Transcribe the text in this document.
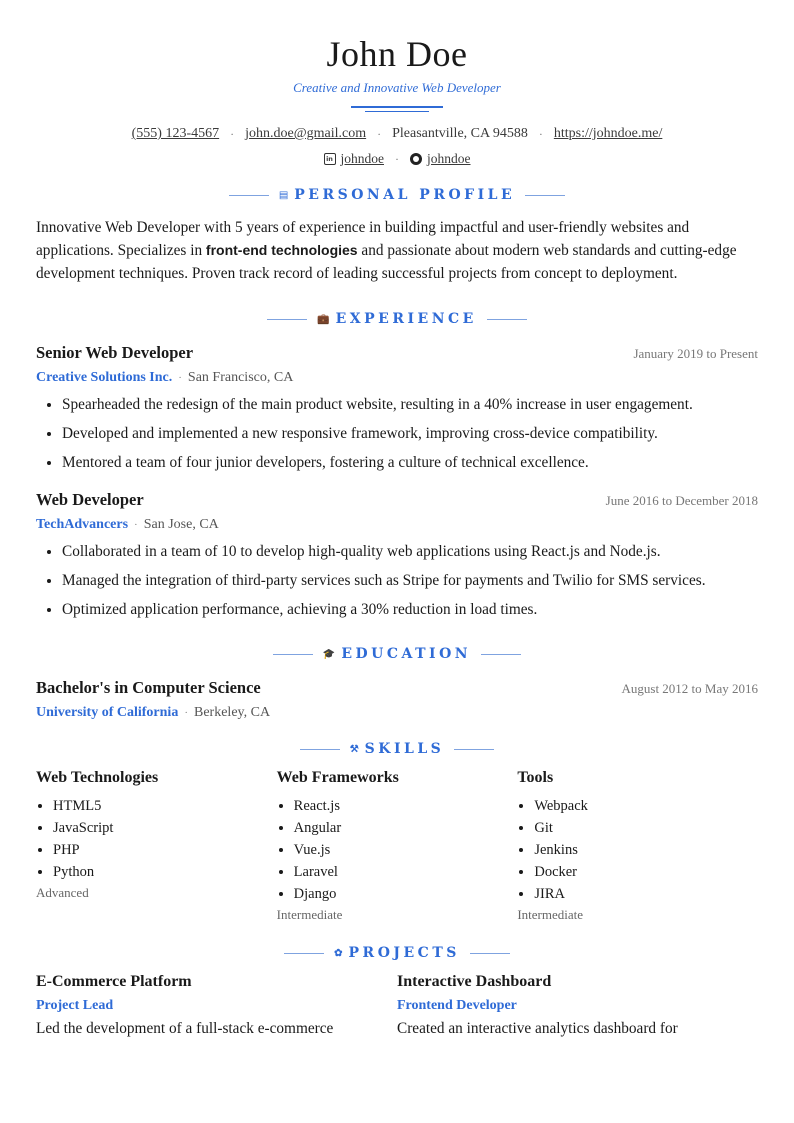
John Doe
Creative and Innovative Web Developer
(555) 123-4567 · john.doe@gmail.com · Pleasantville, CA 94588 · https://johndoe.me/
in johndoe · johndoe
▤ PERSONAL PROFILE
Innovative Web Developer with 5 years of experience in building impactful and user-friendly websites and applications. Specializes in front-end technologies and passionate about modern web standards and cutting-edge development techniques. Proven track record of leading successful projects from concept to deployment.
💼 EXPERIENCE
Senior Web Developer	January 2019 to Present
Creative Solutions Inc. · San Francisco, CA
• Spearheaded the redesign of the main product website, resulting in a 40% increase in user engagement.
• Developed and implemented a new responsive framework, improving cross-device compatibility.
• Mentored a team of four junior developers, fostering a culture of technical excellence.
Web Developer	June 2016 to December 2018
TechAdvancers · San Jose, CA
• Collaborated in a team of 10 to develop high-quality web applications using React.js and Node.js.
• Managed the integration of third-party services such as Stripe for payments and Twilio for SMS services.
• Optimized application performance, achieving a 30% reduction in load times.
🎓 EDUCATION
Bachelor's in Computer Science	August 2012 to May 2016
University of California · Berkeley, CA
⚒ SKILLS
Web Technologies
• HTML5
• JavaScript
• PHP
• Python
Advanced
Web Frameworks
• React.js
• Angular
• Vue.js
• Laravel
• Django
Intermediate
Tools
• Webpack
• Git
• Jenkins
• Docker
• JIRA
Intermediate
✿ PROJECTS
E-Commerce Platform
Project Lead
Led the development of a full-stack e-commerce
Interactive Dashboard
Frontend Developer
Created an interactive analytics dashboard for
